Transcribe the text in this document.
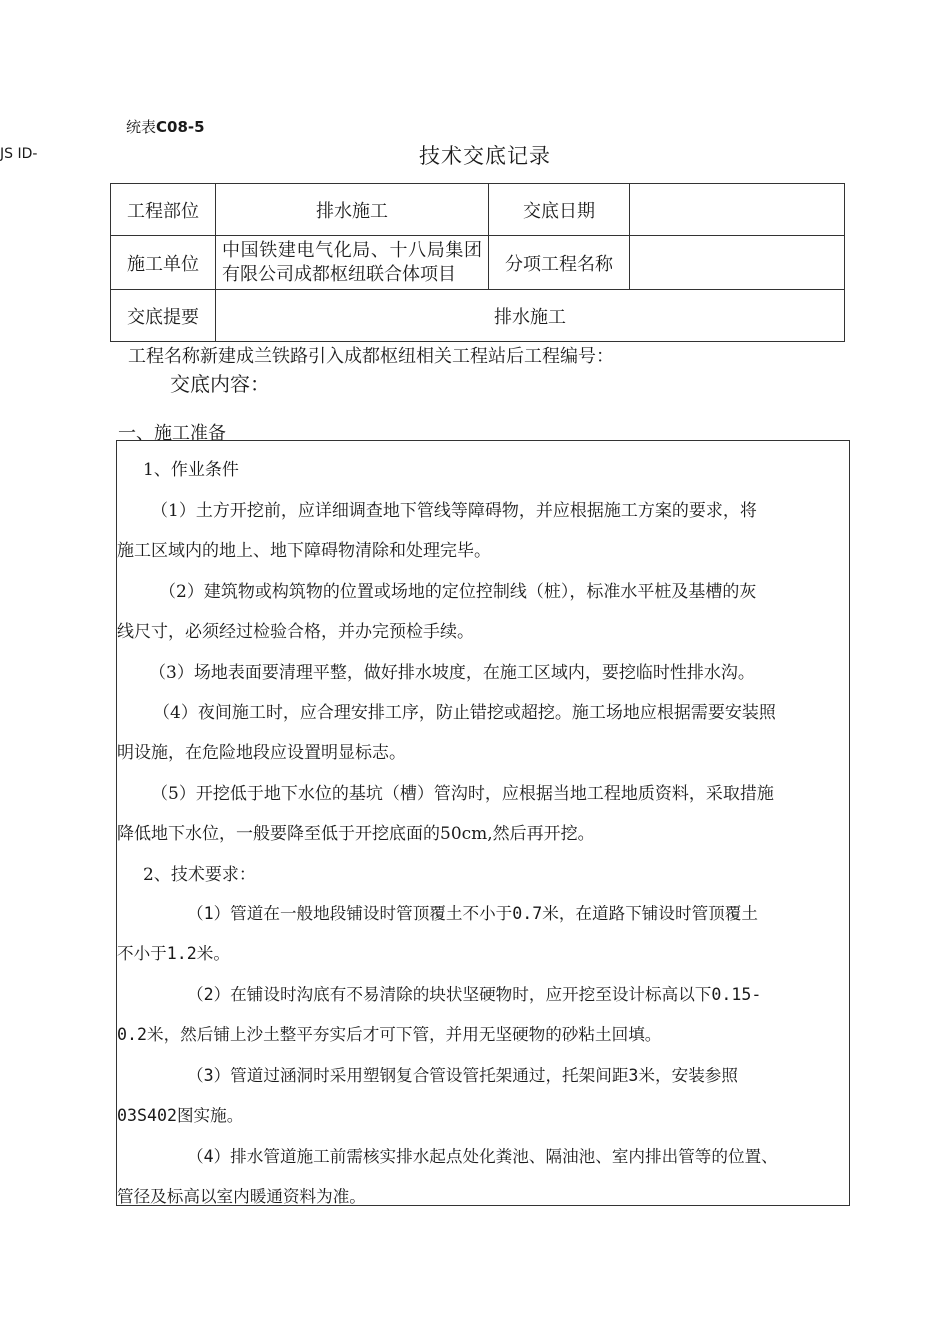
JS ID-
统表C08-5
技术交底记录
工程部位	排水施工	交底日期	
施工单位	中国铁建电气化局、十八局集团有限公司成都枢纽联合体项目	分项工程名称	
交底提要	排水施工		
工程名称新建成兰铁路引入成都枢纽相关工程站后工程编号：
交底内容：
一、施工准备
1、作业条件
（1）土方开挖前，应详细调查地下管线等障碍物，并应根据施工方案的要求，将
施工区域内的地上、地下障碍物清除和处理完毕。
（2）建筑物或构筑物的位置或场地的定位控制线（桩），标准水平桩及基槽的灰
线尺寸，必须经过检验合格，并办完预检手续。
（3）场地表面要清理平整，做好排水坡度，在施工区域内，要挖临时性排水沟。
（4）夜间施工时，应合理安排工序，防止错挖或超挖。施工场地应根据需要安装照
明设施，在危险地段应设置明显标志。
（5）开挖低于地下水位的基坑（槽）管沟时，应根据当地工程地质资料，采取措施
降低地下水位，一般要降至低于开挖底面的50cm,然后再开挖。
2、技术要求：
（1）管道在一般地段铺设时管顶覆土不小于0.7米，在道路下铺设时管顶覆土
不小于1.2米。
（2）在铺设时沟底有不易清除的块状坚硬物时，应开挖至设计标高以下0.15-
0.2米，然后铺上沙土整平夯实后才可下管，并用无坚硬物的砂粘土回填。
（3）管道过涵洞时采用塑钢复合管设管托架通过，托架间距3米，安装参照
03S402图实施。
（4）排水管道施工前需核实排水起点处化粪池、隔油池、室内排出管等的位置、
管径及标高以室内暖通资料为准。
